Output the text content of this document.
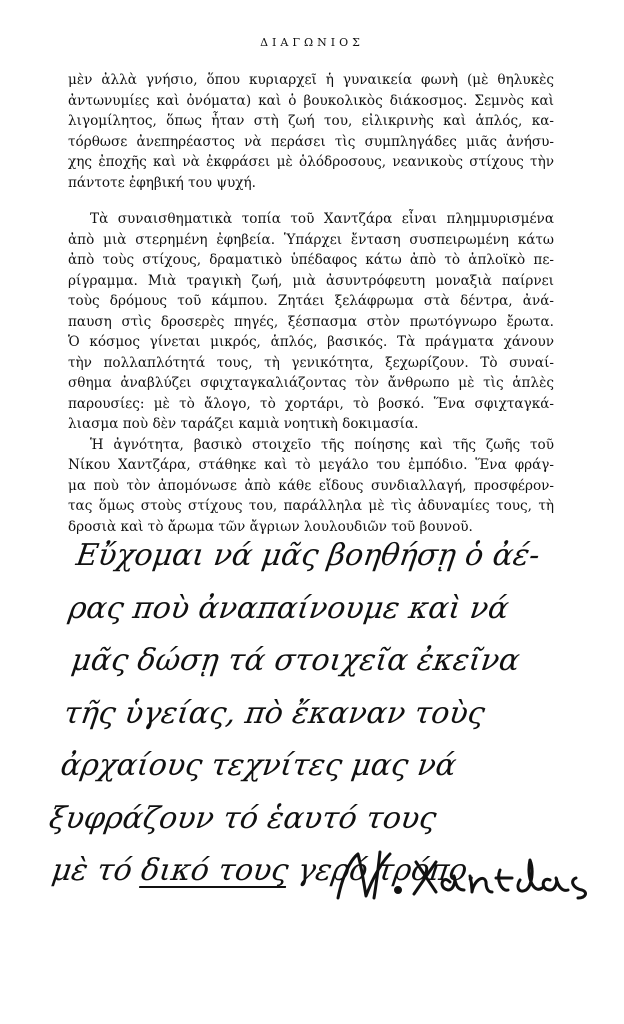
ΔΙΑΓΩΝΙΟΣ
μὲν ἀλλὰ γνήσιο, ὅπου κυριαρχεῖ ἡ γυναικεία φωνὴ (μὲ θηλυκὲς
ἀντωνυμίες καὶ ὀνόματα) καὶ ὁ βουκολικὸς διάκοσμος. Σεμνὸς καὶ
λιγομίλητος, ὅπως ἦταν στὴ ζωή του, εἰλικρινὴς καὶ ἁπλός, κα-
τόρθωσε ἀνεπηρέαστος νὰ περάσει τὶς συμπληγάδες μιᾶς ἀνήσυ-
χης ἐποχῆς καὶ νὰ ἐκφράσει μὲ ὁλόδροσους, νεανικοὺς στίχους τὴν
πάντοτε ἐφηβική του ψυχή.
Τὰ συναισθηματικὰ τοπία τοῦ Χαντζάρα εἶναι πλημμυρισμένα
ἀπὸ μιὰ στερημένη ἐφηβεία. Ὑπάρχει ἔνταση συσπειρωμένη κάτω
ἀπὸ τοὺς στίχους, δραματικὸ ὑπέδαφος κάτω ἀπὸ τὸ ἁπλοϊκὸ πε-
ρίγραμμα. Μιὰ τραγικὴ ζωή, μιὰ ἀσυντρόφευτη μοναξιὰ παίρνει
τοὺς δρόμους τοῦ κάμπου. Ζητάει ξελάφρωμα στὰ δέντρα, ἀνά-
παυση στὶς δροσερὲς πηγές, ξέσπασμα στὸν πρωτόγνωρο ἔρωτα.
Ὁ κόσμος γίνεται μικρός, ἁπλός, βασικός. Τὰ πράγματα χάνουν
τὴν πολλαπλότητά τους, τὴ γενικότητα, ξεχωρίζουν. Τὸ συναί-
σθημα ἀναβλύζει σφιχταγκαλιάζοντας τὸν ἄνθρωπο μὲ τὶς ἁπλὲς
παρουσίες: μὲ τὸ ἄλογο, τὸ χορτάρι, τὸ βοσκό. Ἕνα σφιχταγκά-
λιασμα ποὺ δὲν ταράζει καμιὰ νοητικὴ δοκιμασία.
Ἡ ἀγνότητα, βασικὸ στοιχεῖο τῆς ποίησης καὶ τῆς ζωῆς τοῦ
Νίκου Χαντζάρα, στάθηκε καὶ τὸ μεγάλο του ἐμπόδιο. Ἕνα φράγ-
μα ποὺ τὸν ἀπομόνωσε ἀπὸ κάθε εἴδους συνδιαλλαγή, προσφέρον-
τας ὅμως στοὺς στίχους του, παράλληλα μὲ τὶς ἀδυναμίες τους, τὴ
δροσιὰ καὶ τὸ ἄρωμα τῶν ἄγριων λουλουδιῶν τοῦ βουνοῦ.
Εὔχομαι νά μᾶς βοηθήσῃ ὁ ἀέ-
ρας ποὺ ἀναπαίνουμε καὶ νά
μᾶς δώσῃ τά στοιχεῖα ἐκεῖνα
τῆς ὑγείας, πὸ ἔκαναν τοὺς
ἀρχαίους τεχνίτες μας νά
ξυφράζουν τό ἑαυτό τους
μὲ τό δικό τους γερό τρόπο.
